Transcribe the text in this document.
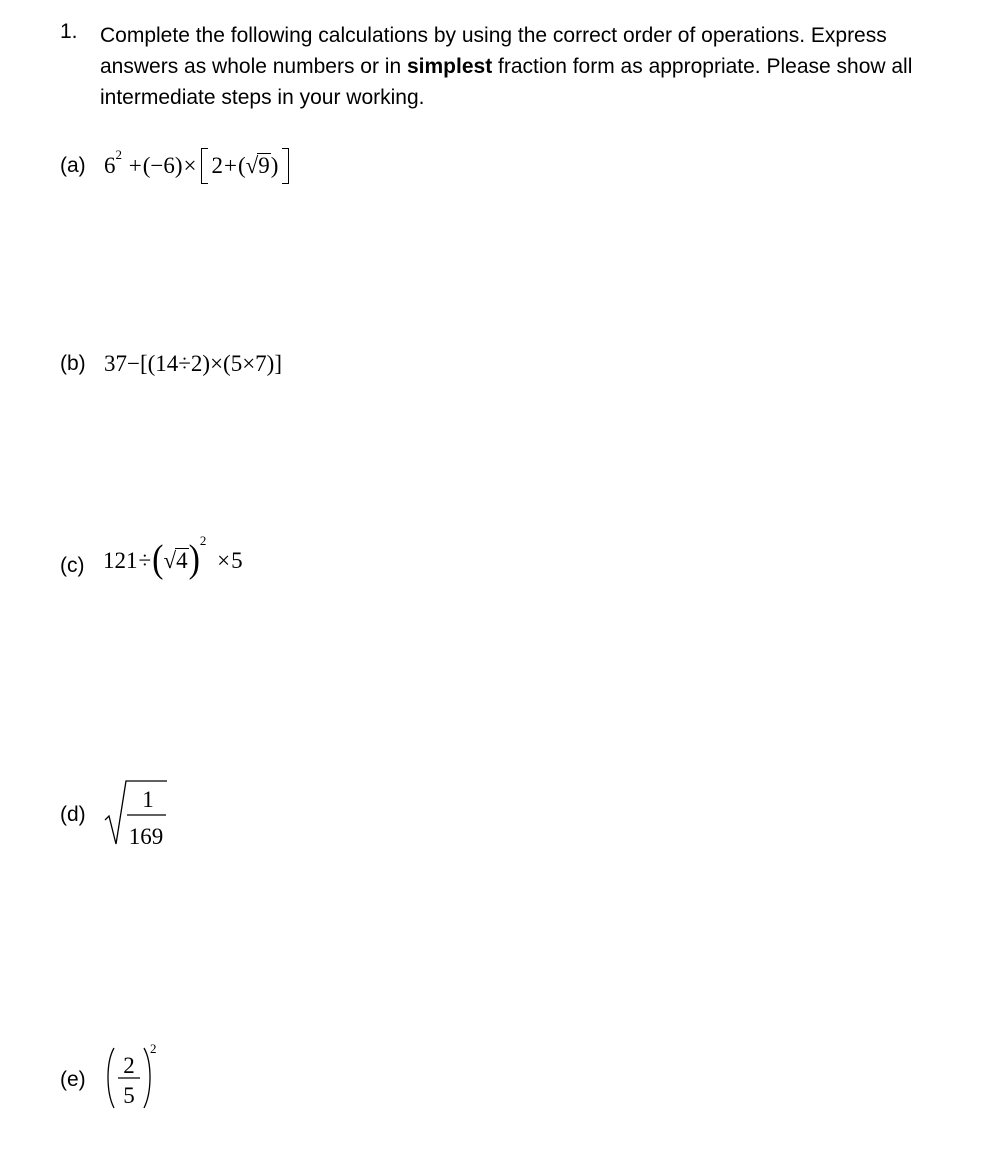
1. Complete the following calculations by using the correct order of operations. Express answers as whole numbers or in simplest fraction form as appropriate. Please show all intermediate steps in your working.
(a) 62 +(−6)× 2+(√9)
(b) 37−[(14÷2)×(5×7)]
(c) 121÷(√4)2 ×5
(d)
1
169
(e)
2
5
2
